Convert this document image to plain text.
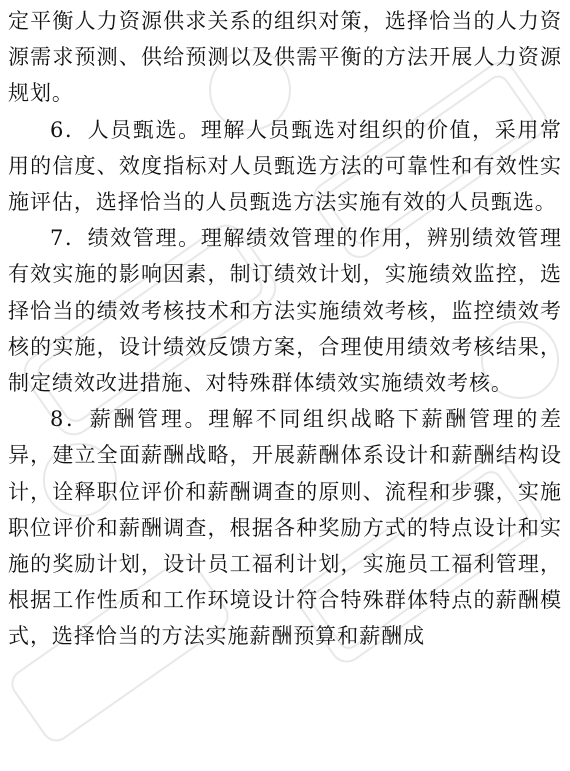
定平衡人力资源供求关系的组织对策，选择恰当的人力资源需求预测、供给预测以及供需平衡的方法开展人力资源规划。

6．人员甄选。理解人员甄选对组织的价值，采用常用的信度、效度指标对人员甄选方法的可靠性和有效性实施评估，选择恰当的人员甄选方法实施有效的人员甄选。

7．绩效管理。理解绩效管理的作用，辨别绩效管理有效实施的影响因素，制订绩效计划，实施绩效监控，选择恰当的绩效考核技术和方法实施绩效考核，监控绩效考核的实施，设计绩效反馈方案，合理使用绩效考核结果，制定绩效改进措施、对特殊群体绩效实施绩效考核。

8．薪酬管理。理解不同组织战略下薪酬管理的差异，建立全面薪酬战略，开展薪酬体系设计和薪酬结构设计，诠释职位评价和薪酬调查的原则、流程和步骤，实施职位评价和薪酬调查，根据各种奖励方式的特点设计和实施的奖励计划，设计员工福利计划，实施员工福利管理，根据工作性质和工作环境设计符合特殊群体特点的薪酬模式，选择恰当的方法实施薪酬预算和薪酬成
